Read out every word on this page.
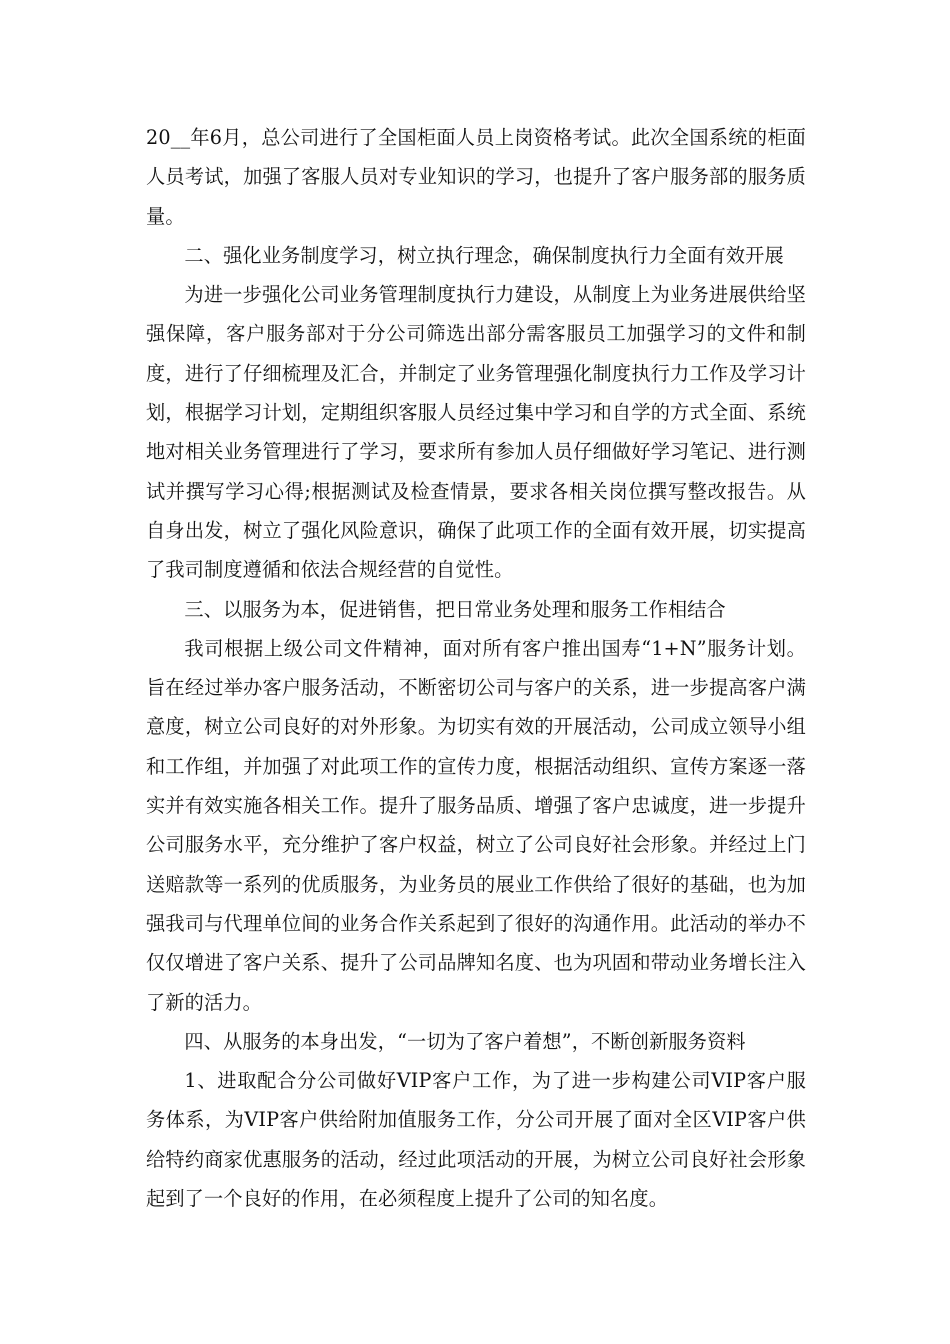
20__年6月，总公司进行了全国柜面人员上岗资格考试。此次全国系统的柜面人员考试，加强了客服人员对专业知识的学习，也提升了客户服务部的服务质量。

二、强化业务制度学习，树立执行理念，确保制度执行力全面有效开展

为进一步强化公司业务管理制度执行力建设，从制度上为业务进展供给坚强保障，客户服务部对于分公司筛选出部分需客服员工加强学习的文件和制度，进行了仔细梳理及汇合，并制定了业务管理强化制度执行力工作及学习计划，根据学习计划，定期组织客服人员经过集中学习和自学的方式全面、系统地对相关业务管理进行了学习，要求所有参加人员仔细做好学习笔记、进行测试并撰写学习心得;根据测试及检查情景，要求各相关岗位撰写整改报告。从自身出发，树立了强化风险意识，确保了此项工作的全面有效开展，切实提高了我司制度遵循和依法合规经营的自觉性。

三、以服务为本，促进销售，把日常业务处理和服务工作相结合

我司根据上级公司文件精神，面对所有客户推出国寿“1+N”服务计划。旨在经过举办客户服务活动，不断密切公司与客户的关系，进一步提高客户满意度，树立公司良好的对外形象。为切实有效的开展活动，公司成立领导小组和工作组，并加强了对此项工作的宣传力度，根据活动组织、宣传方案逐一落实并有效实施各相关工作。提升了服务品质、增强了客户忠诚度，进一步提升公司服务水平，充分维护了客户权益，树立了公司良好社会形象。并经过上门送赔款等一系列的优质服务，为业务员的展业工作供给了很好的基础，也为加强我司与代理单位间的业务合作关系起到了很好的沟通作用。此活动的举办不仅仅增进了客户关系、提升了公司品牌知名度、也为巩固和带动业务增长注入了新的活力。

四、从服务的本身出发，“一切为了客户着想”，不断创新服务资料

1、进取配合分公司做好VIP客户工作，为了进一步构建公司VIP客户服务体系，为VIP客户供给附加值服务工作，分公司开展了面对全区VIP客户供给特约商家优惠服务的活动，经过此项活动的开展，为树立公司良好社会形象起到了一个良好的作用，在必须程度上提升了公司的知名度。
